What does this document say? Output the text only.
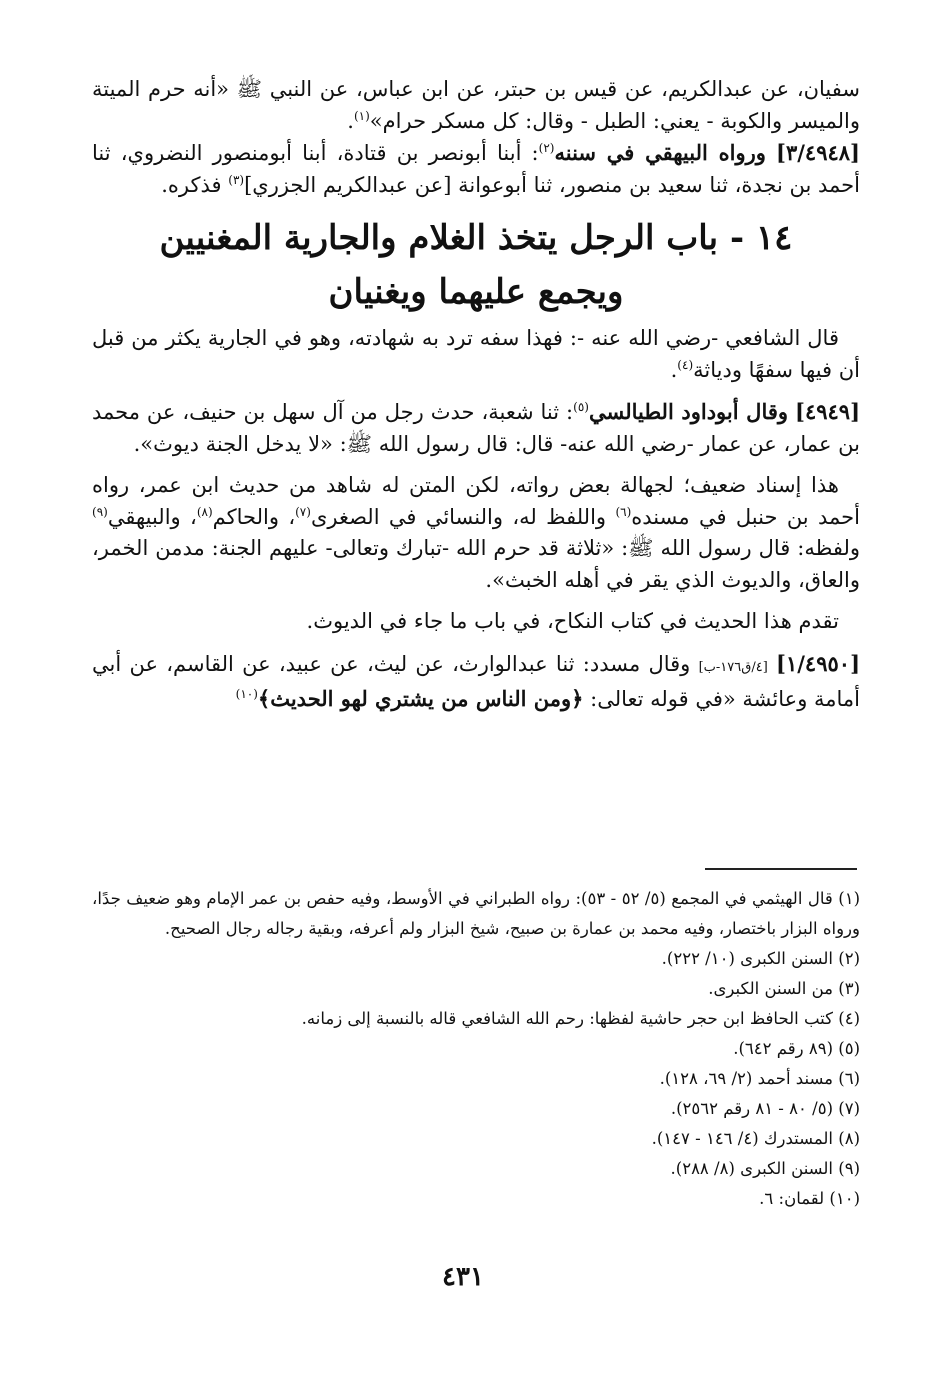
سفيان، عن عبدالكريم، عن قيس بن حبتر، عن ابن عباس، عن النبي ﷺ «أنه حرم الميتة والميسر والكوبة - يعني: الطبل - وقال: كل مسكر حرام»$^{(١)}$.

[٣/٤٩٤٨] ورواه البيهقي في سننه$^{(٢)}$: أبنا أبونصر بن قتادة، أبنا أبومنصور النضروي، ثنا أحمد بن نجدة، ثنا سعيد بن منصور، ثنا أبوعوانة [عن عبدالكريم الجزري]$^{(٣)}$ فذكره.

١٤ - باب الرجل يتخذ الغلام والجارية المغنيين
ويجمع عليهما ويغنيان

 قال الشافعي -رضي الله عنه -: فهذا سفه ترد به شهادته، وهو في الجارية يكثر من قبل أن فيها سفهًا ودياثة$^{(٤)}$.

[٤٩٤٩] وقال أبوداود الطيالسي$^{(٥)}$: ثنا شعبة، حدث رجل من آل سهل بن حنيف، عن محمد بن عمار، عن عمار -رضي الله عنه- قال: قال رسول الله ﷺ: «لا يدخل الجنة ديوث».

 هذا إسناد ضعيف؛ لجهالة بعض رواته، لكن المتن له شاهد من حديث ابن عمر، رواه أحمد بن حنبل في مسنده$^{(٦)}$ واللفظ له، والنسائي في الصغرى$^{(٧)}$، والحاكم$^{(٨)}$، والبيهقي$^{(٩)}$ ولفظه: قال رسول الله ﷺ: «ثلاثة قد حرم الله -تبارك وتعالى- عليهم الجنة: مدمن الخمر، والعاق، والديوث الذي يقر في أهله الخبث».

 تقدم هذا الحديث في كتاب النكاح، في باب ما جاء في الديوث.

[١/٤٩٥٠] [٤/ق١٧٦-ب] وقال مسدد: ثنا عبدالوارث، عن ليث، عن عبيد، عن القاسم، عن أبي أمامة وعائشة «في قوله تعالى: ﴿ومن الناس من يشتري لهو الحديث﴾$^{(١٠)}$

(١) قال الهيثمي في المجمع (٥/ ٥٢ - ٥٣): رواه الطبراني في الأوسط، وفيه حفص بن عمر الإمام وهو ضعيف جدًا، ورواه البزار باختصار، وفيه محمد بن عمارة بن صبيح، شيخ البزار ولم أعرفه، وبقية رجاله رجال الصحيح.

(٢) السنن الكبرى (١٠/ ٢٢٢).

(٣) من السنن الكبرى.

(٤) كتب الحافظ ابن حجر حاشية لفظها: رحم الله الشافعي قاله بالنسبة إلى زمانه.

(٥) (٨٩ رقم ٦٤٢).

(٦) مسند أحمد (٢/ ٦٩، ١٢٨).

(٧) (٥/ ٨٠ - ٨١ رقم ٢٥٦٢).

(٨) المستدرك (٤/ ١٤٦ - ١٤٧).

(٩) السنن الكبرى (٨/ ٢٨٨).

(١٠) لقمان: ٦.

٤٣١
